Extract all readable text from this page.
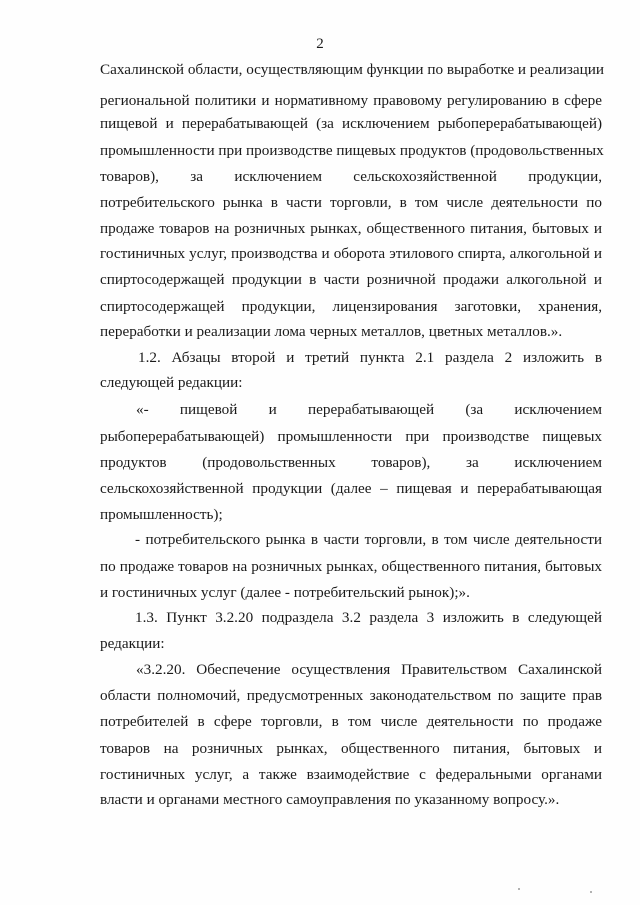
2
Сахалинской области, осуществляющим функции по выработке и реализации
региональной политики и нормативному правовому регулированию в сфере
пищевой и перерабатывающей (за исключением рыбоперерабатывающей)
промышленности при производстве пищевых продуктов (продовольственных
товаров), за исключением сельскохозяйственной продукции,
потребительского рынка в части торговли, в том числе деятельности по
продаже товаров на розничных рынках, общественного питания, бытовых и
гостиничных услуг, производства и оборота этилового спирта, алкогольной и
спиртосодержащей продукции в части розничной продажи алкогольной и
спиртосодержащей продукции, лицензирования заготовки, хранения,
переработки и реализации лома черных металлов, цветных металлов.».
1.2. Абзацы второй и третий пункта 2.1 раздела 2 изложить в
следующей редакции:
«- пищевой и перерабатывающей (за исключением
рыбоперерабатывающей) промышленности при производстве пищевых
продуктов (продовольственных товаров), за исключением
сельскохозяйственной продукции (далее – пищевая и перерабатывающая
промышленность);
- потребительского рынка в части торговли, в том числе деятельности
по продаже товаров на розничных рынках, общественного питания, бытовых
и гостиничных услуг (далее - потребительский рынок);».
1.3. Пункт 3.2.20 подраздела 3.2 раздела 3 изложить в следующей
редакции:
«3.2.20. Обеспечение осуществления Правительством Сахалинской
области полномочий, предусмотренных законодательством по защите прав
потребителей в сфере торговли, в том числе деятельности по продаже
товаров на розничных рынках, общественного питания, бытовых и
гостиничных услуг, а также взаимодействие с федеральными органами
власти и органами местного самоуправления по указанному вопросу.».
